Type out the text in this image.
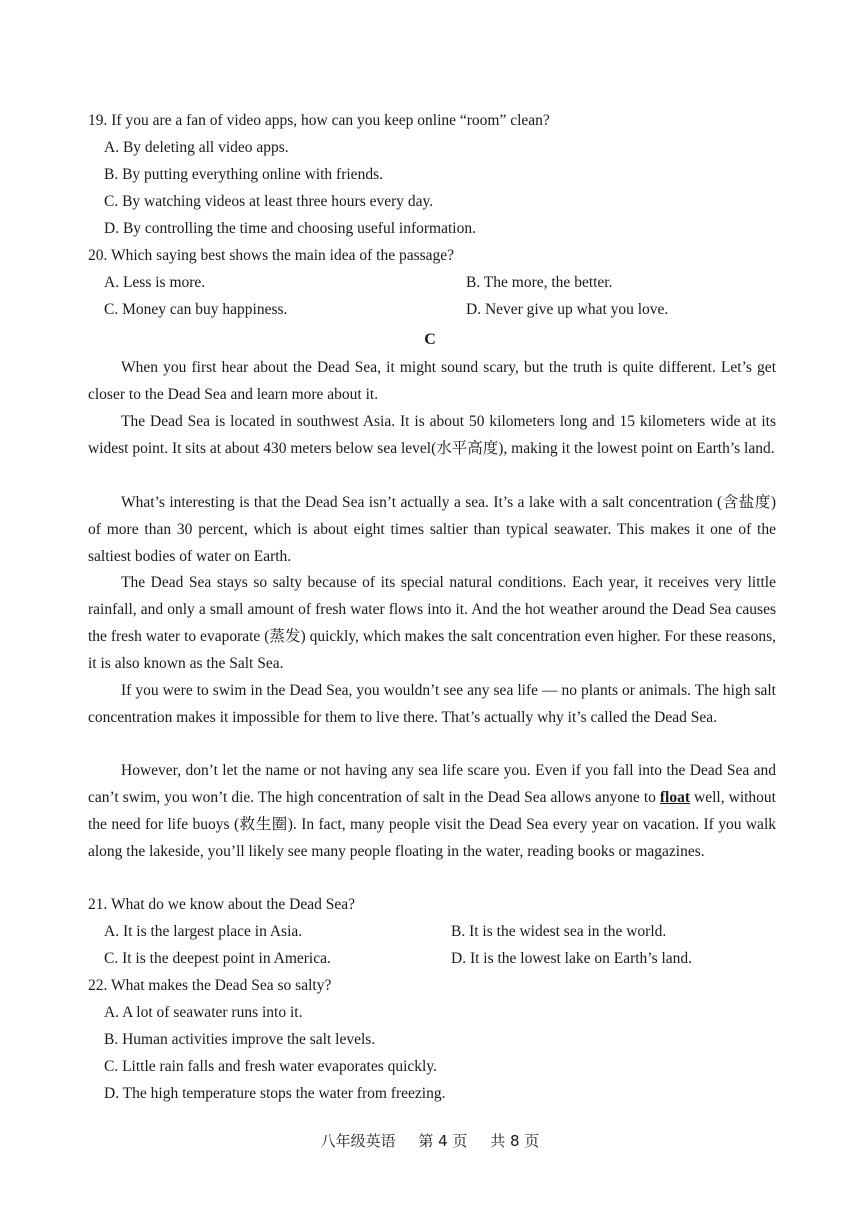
19. If you are a fan of video apps, how can you keep online “room” clean?
A. By deleting all video apps.
B. By putting everything online with friends.
C. By watching videos at least three hours every day.
D. By controlling the time and choosing useful information.
20. Which saying best shows the main idea of the passage?
A. Less is more.	B. The more, the better.
C. Money can buy happiness.	D. Never give up what you love.
C
When you first hear about the Dead Sea, it might sound scary, but the truth is quite different. Let’s get closer to the Dead Sea and learn more about it.
The Dead Sea is located in southwest Asia. It is about 50 kilometers long and 15 kilometers wide at its widest point. It sits at about 430 meters below sea level(水平高度), making it the lowest point on Earth’s land.
What’s interesting is that the Dead Sea isn’t actually a sea. It’s a lake with a salt concentration (含盐度) of more than 30 percent, which is about eight times saltier than typical seawater. This makes it one of the saltiest bodies of water on Earth.
The Dead Sea stays so salty because of its special natural conditions. Each year, it receives very little rainfall, and only a small amount of fresh water flows into it. And the hot weather around the Dead Sea causes the fresh water to evaporate (蒸发) quickly, which makes the salt concentration even higher. For these reasons, it is also known as the Salt Sea.
If you were to swim in the Dead Sea, you wouldn’t see any sea life — no plants or animals. The high salt concentration makes it impossible for them to live there. That’s actually why it’s called the Dead Sea.
However, don’t let the name or not having any sea life scare you. Even if you fall into the Dead Sea and can’t swim, you won’t die. The high concentration of salt in the Dead Sea allows anyone to float well, without the need for life buoys (救生圈). In fact, many people visit the Dead Sea every year on vacation. If you walk along the lakeside, you’ll likely see many people floating in the water, reading books or magazines.
21. What do we know about the Dead Sea?
A. It is the largest place in Asia.	B. It is the widest sea in the world.
C. It is the deepest point in America.	D. It is the lowest lake on Earth’s land.
22. What makes the Dead Sea so salty?
A. A lot of seawater runs into it.
B. Human activities improve the salt levels.
C. Little rain falls and fresh water evaporates quickly.
D. The high temperature stops the water from freezing.
八年级英语 第 4 页 共 8 页
